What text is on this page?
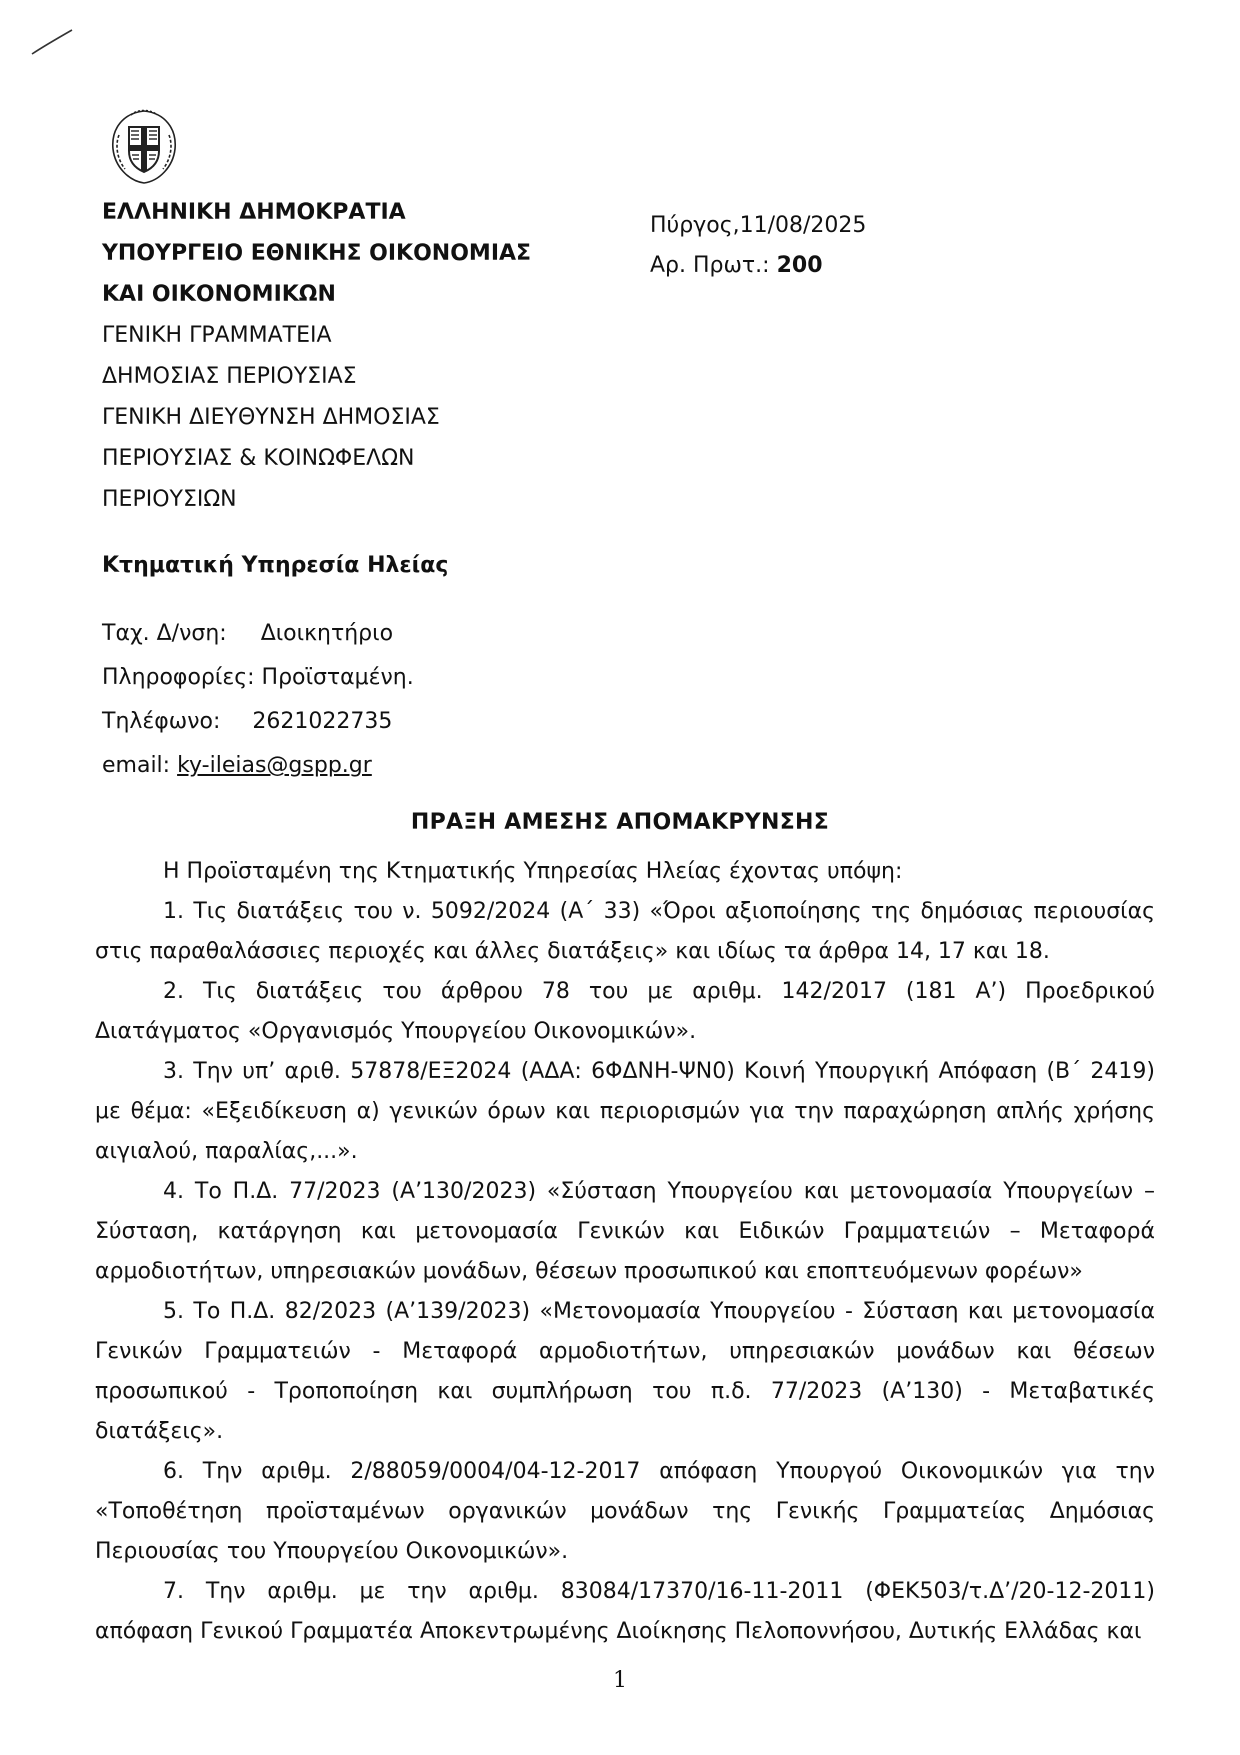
ΕΛΛΗΝΙΚΗ ΔΗΜΟΚΡΑΤΙΑ
ΥΠΟΥΡΓΕΙΟ ΕΘΝΙΚΗΣ ΟΙΚΟΝΟΜΙΑΣ
ΚΑΙ ΟΙΚΟΝΟΜΙΚΩΝ
ΓΕΝΙΚΗ ΓΡΑΜΜΑΤΕΙΑ
ΔΗΜΟΣΙΑΣ ΠΕΡΙΟΥΣΙΑΣ
ΓΕΝΙΚΗ ΔΙΕΥΘΥΝΣΗ ΔΗΜΟΣΙΑΣ
ΠΕΡΙΟΥΣΙΑΣ & ΚΟΙΝΩΦΕΛΩΝ
ΠΕΡΙΟΥΣΙΩΝ
Πύργος,11/08/2025
Αρ. Πρωτ.: 200
Κτηματική Υπηρεσία Ηλείας
Ταχ. Δ/νση: Διοικητήριο
Πληροφορίες: Προϊσταμένη.
Τηλέφωνο: 2621022735
email: ky-ileias@gspp.gr
ΠΡΑΞΗ ΑΜΕΣΗΣ ΑΠΟΜΑΚΡΥΝΣΗΣ

Η Προϊσταμένη της Κτηματικής Υπηρεσίας Ηλείας έχοντας υπόψη:

1. Τις διατάξεις του ν. 5092/2024 (Α΄ 33) «Όροι αξιοποίησης της δημόσιας περιουσίας στις παραθαλάσσιες περιοχές και άλλες διατάξεις» και ιδίως τα άρθρα 14, 17 και 18.

2. Τις διατάξεις του άρθρου 78 του με αριθμ. 142/2017 (181 Α’) Προεδρικού Διατάγματος «Οργανισμός Υπουργείου Οικονομικών».

3. Την υπ’ αριθ. 57878/ΕΞ2024 (ΑΔΑ: 6ΦΔΝΗ-ΨΝ0) Κοινή Υπουργική Απόφαση (Β΄ 2419) με θέμα: «Εξειδίκευση α) γενικών όρων και περιορισμών για την παραχώρηση απλής χρήσης αιγιαλού, παραλίας,...».

4. Το Π.Δ. 77/2023 (Α’130/2023) «Σύσταση Υπουργείου και μετονομασία Υπουργείων – Σύσταση, κατάργηση και μετονομασία Γενικών και Ειδικών Γραμματειών – Μεταφορά αρμοδιοτήτων, υπηρεσιακών μονάδων, θέσεων προσωπικού και εποπτευόμενων φορέων»

5. Το Π.Δ. 82/2023 (Α’139/2023) «Μετονομασία Υπουργείου - Σύσταση και μετονομασία Γενικών Γραμματειών - Μεταφορά αρμοδιοτήτων, υπηρεσιακών μονάδων και θέσεων προσωπικού - Τροποποίηση και συμπλήρωση του π.δ. 77/2023 (Α’130) - Μεταβατικές διατάξεις».

6. Την αριθμ. 2/88059/0004/04-12-2017 απόφαση Υπουργού Οικονομικών για την «Τοποθέτηση προϊσταμένων οργανικών μονάδων της Γενικής Γραμματείας Δημόσιας Περιουσίας του Υπουργείου Οικονομικών».

7. Την αριθμ. με την αριθμ. 83084/17370/16-11-2011 (ΦΕΚ503/τ.Δ’/20-12-2011) απόφαση Γενικού Γραμματέα Αποκεντρωμένης Διοίκησης Πελοποννήσου, Δυτικής Ελλάδας και

1
